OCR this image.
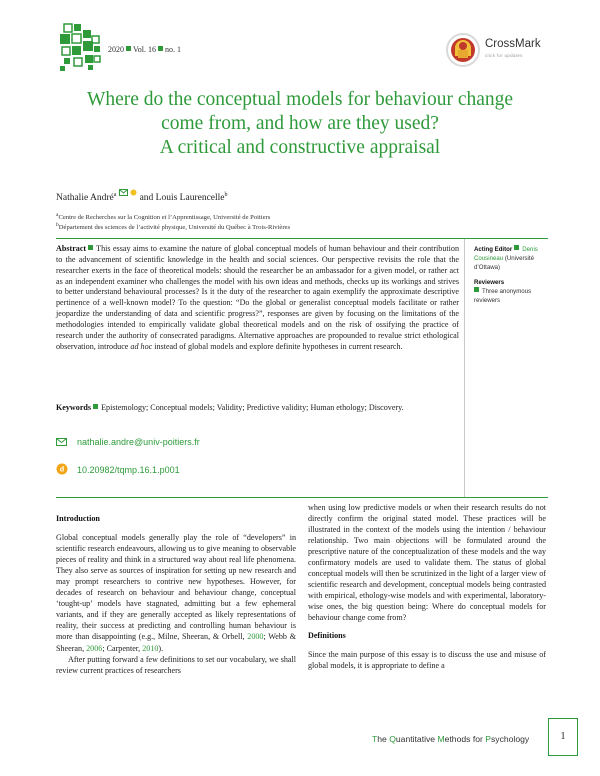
2020 Vol. 16 no. 1	CrossMark
click for updates
Where do the conceptual models for behaviour change
come from, and how are they used?
A critical and constructive appraisal
Nathalie André$^a$ and Louis Laurencelle$^b$
$^a$Centre de Recherches sur la Cognition et l’Apprentissage, Université de Poitiers
$^b$Département des sciences de l’activité physique, Université du Québec à Trois-Rivières
Abstract This essay aims to examine the nature of global conceptual models of human behaviour and their contribution to the advancement of scientific knowledge in the health and social sciences. Our perspective revisits the role that the researcher exerts in the face of theoretical models: should the researcher be an ambassador for a given model, or rather act as an independent examiner who challenges the model with his own ideas and methods, checks up its workings and strives to better understand behavioural processes? Is it the duty of the researcher to again exemplify the approximate descriptive pertinence of a well-known model? To the question: “Do the global or generalist conceptual models facilitate or rather jeopardize the understanding of data and scientific progress?”, responses are given by focusing on the limitations of the methodologies intended to empirically validate global theoretical models and on the risk of ossifying the practice of research under the authority of consecrated paradigms. Alternative approaches are propounded to revalue strict ethological observation, introduce ad hoc instead of global models and explore definite hypotheses in current research.
Keywords Epistemology; Conceptual models; Validity; Predictive validity; Human ethology; Discovery.
nathalie.andre@univ-poitiers.fr
d 10.20982/tqmp.16.1.p001
Acting Editor Denis Cousineau (Université d’Ottawa)
Reviewers
Three anonymous reviewers
Introduction

Global conceptual models generally play the role of “developers” in scientific research endeavours, allowing us to give meaning to observable pieces of reality and think in a structured way about real life phenomena. They also serve as sources of inspiration for setting up new research and may prompt researchers to contrive new hypotheses. However, for decades of research on behaviour and behaviour change, conceptual ‘tought-up’ models have stagnated, admitting but a few ephemeral variants, and if they are generally accepted as likely representations of reality, their success at predicting and controlling human behaviour is more than disappointing (e.g., Milne, Sheeran, & Orbell, 2000; Webb & Sheeran, 2006; Carpenter, 2010).

After putting forward a few definitions to set our vocabulary, we shall review current practices of researchers

when using low predictive models or when their research results do not directly confirm the original stated model. These practices will be illustrated in the context of the models using the intention / behaviour relationship. Two main objections will be formulated around the prescriptive nature of the conceptualization of these models and the way confirmatory models are used to validate them. The status of global conceptual models will then be scrutinized in the light of a larger view of scientific research and development, conceptual models being contrasted with empirical, ethology-wise models and with experimental, laboratory-wise ones, the big question being: Where do conceptual models for behaviour change come from?

Definitions

Since the main purpose of this essay is to discuss the use and misuse of global models, it is appropriate to define a

The Quantitative Methods for Psychology	1
